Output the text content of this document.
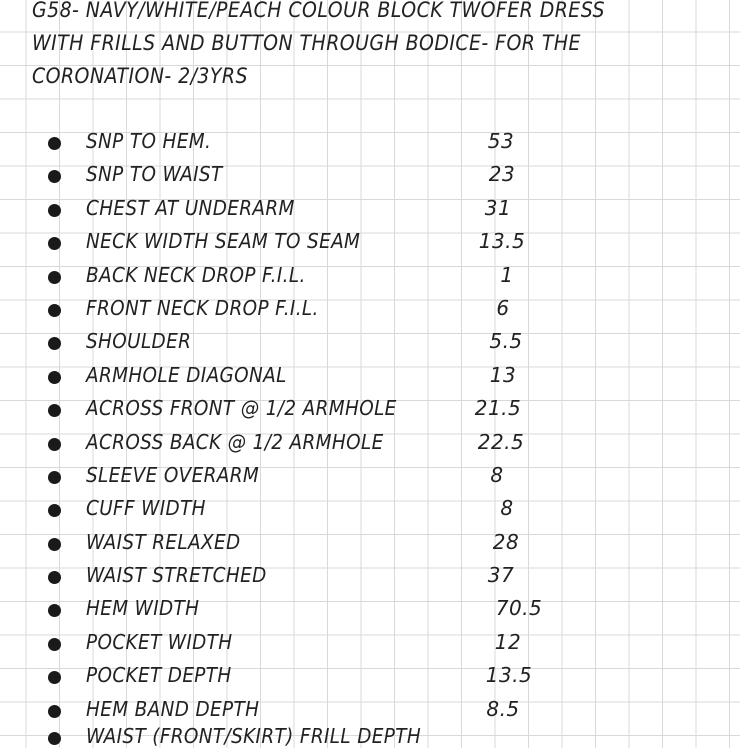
G58- NAVY/WHITE/PEACH COLOUR BLOCK TWOFER DRESS
WITH FRILLS AND BUTTON THROUGH BODICE- FOR THE
CORONATION- 2/3YRS
SNP TO HEM.	53
SNP TO WAIST	23
CHEST AT UNDERARM	31
NECK WIDTH SEAM TO SEAM	13.5
BACK NECK DROP F.I.L.	1
FRONT NECK DROP F.I.L.	6
SHOULDER	5.5
ARMHOLE DIAGONAL	13
ACROSS FRONT @ 1/2 ARMHOLE	21.5
ACROSS BACK @ 1/2 ARMHOLE	22.5
SLEEVE OVERARM	8
CUFF WIDTH	8
WAIST RELAXED	28
WAIST STRETCHED	37
HEM WIDTH	70.5
POCKET WIDTH	12
POCKET DEPTH	13.5
HEM BAND DEPTH	8.5
WAIST (FRONT/SKIRT) FRILL DEPTH
